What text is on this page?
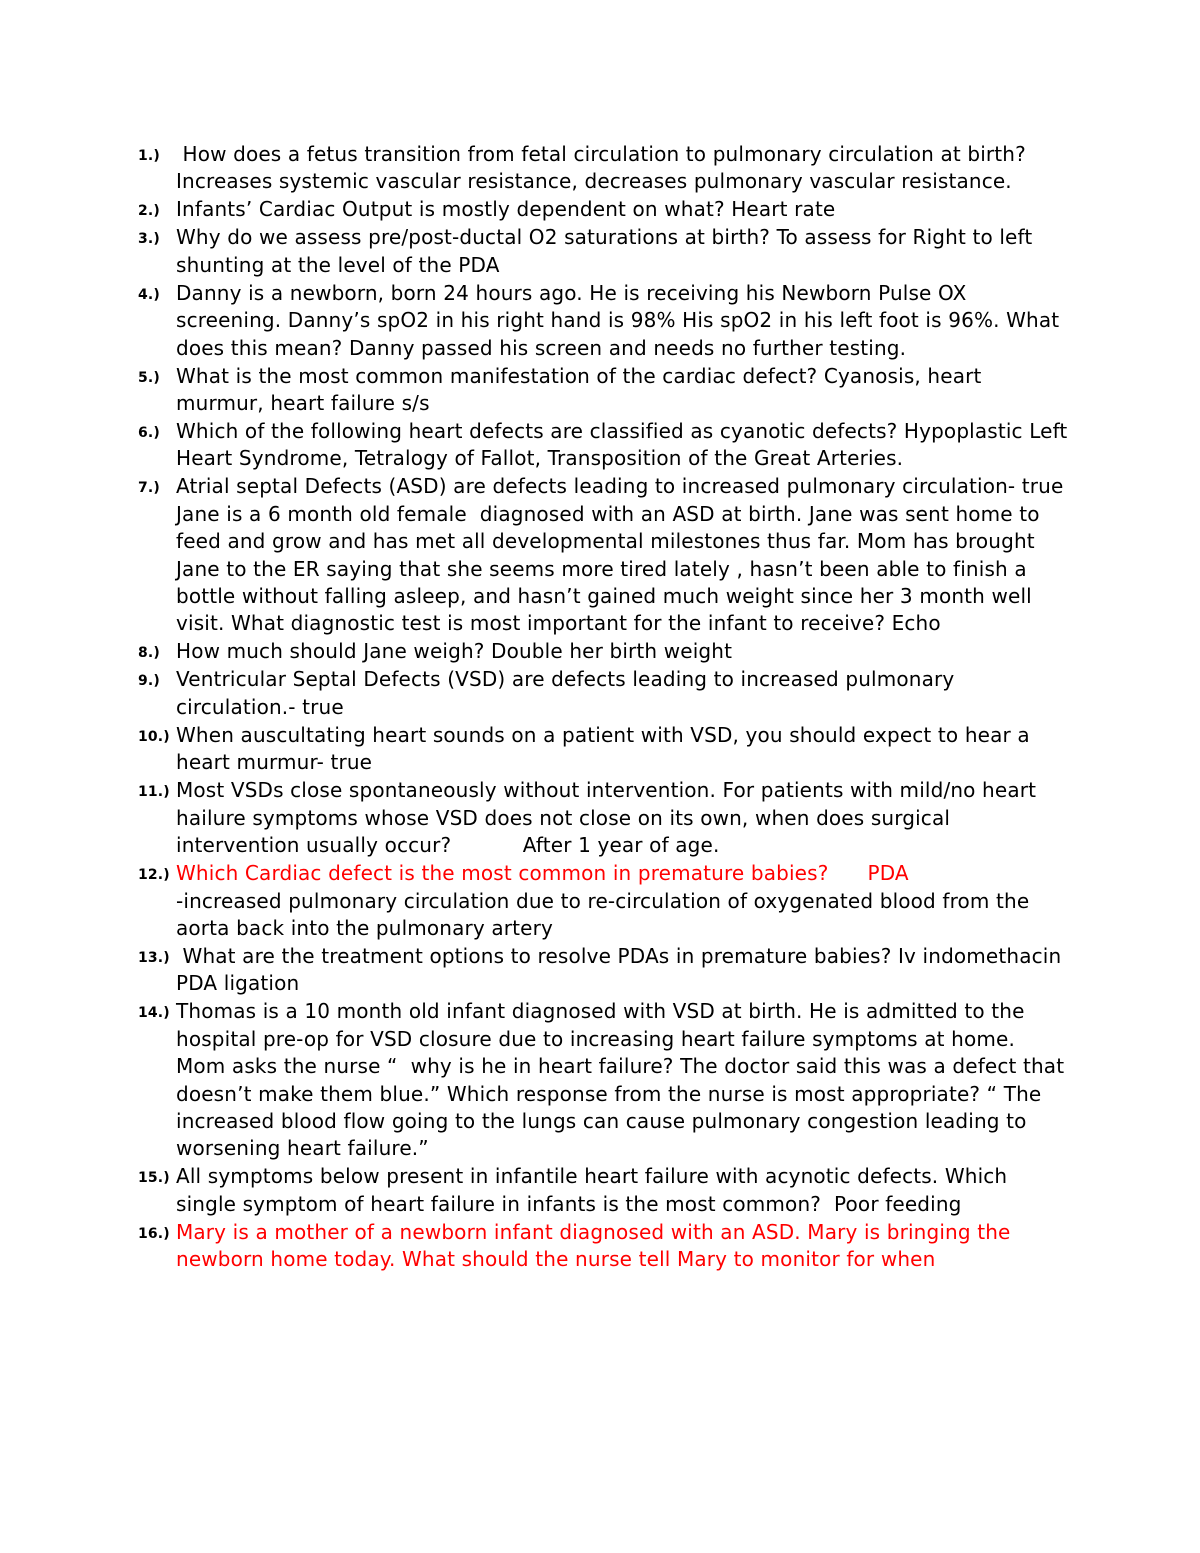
1.) How does a fetus transition from fetal circulation to pulmonary circulation at birth? Increases systemic vascular resistance, decreases pulmonary vascular resistance.
2.) Infants’ Cardiac Output is mostly dependent on what? Heart rate
3.) Why do we assess pre/post-ductal O2 saturations at birth? To assess for Right to left shunting at the level of the PDA
4.) Danny is a newborn, born 24 hours ago. He is receiving his Newborn Pulse OX screening. Danny’s spO2 in his right hand is 98% His spO2 in his left foot is 96%. What does this mean? Danny passed his screen and needs no further testing.
5.) What is the most common manifestation of the cardiac defect? Cyanosis, heart murmur, heart failure s/s
6.) Which of the following heart defects are classified as cyanotic defects? Hypoplastic Left Heart Syndrome, Tetralogy of Fallot, Transposition of the Great Arteries.
7.) Atrial septal Defects (ASD) are defects leading to increased pulmonary circulation- true Jane is a 6 month old female  diagnosed with an ASD at birth. Jane was sent home to feed and grow and has met all developmental milestones thus far. Mom has brought Jane to the ER saying that she seems more tired lately , hasn’t been able to finish a bottle without falling asleep, and hasn’t gained much weight since her 3 month well visit. What diagnostic test is most important for the infant to receive? Echo
8.) How much should Jane weigh? Double her birth weight
9.) Ventricular Septal Defects (VSD) are defects leading to increased pulmonary circulation.- true
10.) When auscultating heart sounds on a patient with VSD, you should expect to hear a heart murmur- true
11.) Most VSDs close spontaneously without intervention. For patients with mild/no heart hailure symptoms whose VSD does not close on its own, when does surgical intervention usually occur?           After 1 year of age.
12.) Which Cardiac defect is the most common in premature babies?      PDA
-increased pulmonary circulation due to re-circulation of oxygenated blood from the aorta back into the pulmonary artery
13.) What are the treatment options to resolve PDAs in premature babies? Iv indomethacin PDA ligation
14.) Thomas is a 10 month old infant diagnosed with VSD at birth. He is admitted to the hospital pre-op for VSD closure due to increasing heart failure symptoms at home. Mom asks the nurse “  why is he in heart failure? The doctor said this was a defect that doesn’t make them blue.” Which response from the nurse is most appropriate? “ The increased blood flow going to the lungs can cause pulmonary congestion leading to worsening heart failure.”
15.) All symptoms below present in infantile heart failure with acynotic defects. Which single symptom of heart failure in infants is the most common?  Poor feeding
16.) Mary is a mother of a newborn infant diagnosed with an ASD. Mary is bringing the newborn home today. What should the nurse tell Mary to monitor for when
